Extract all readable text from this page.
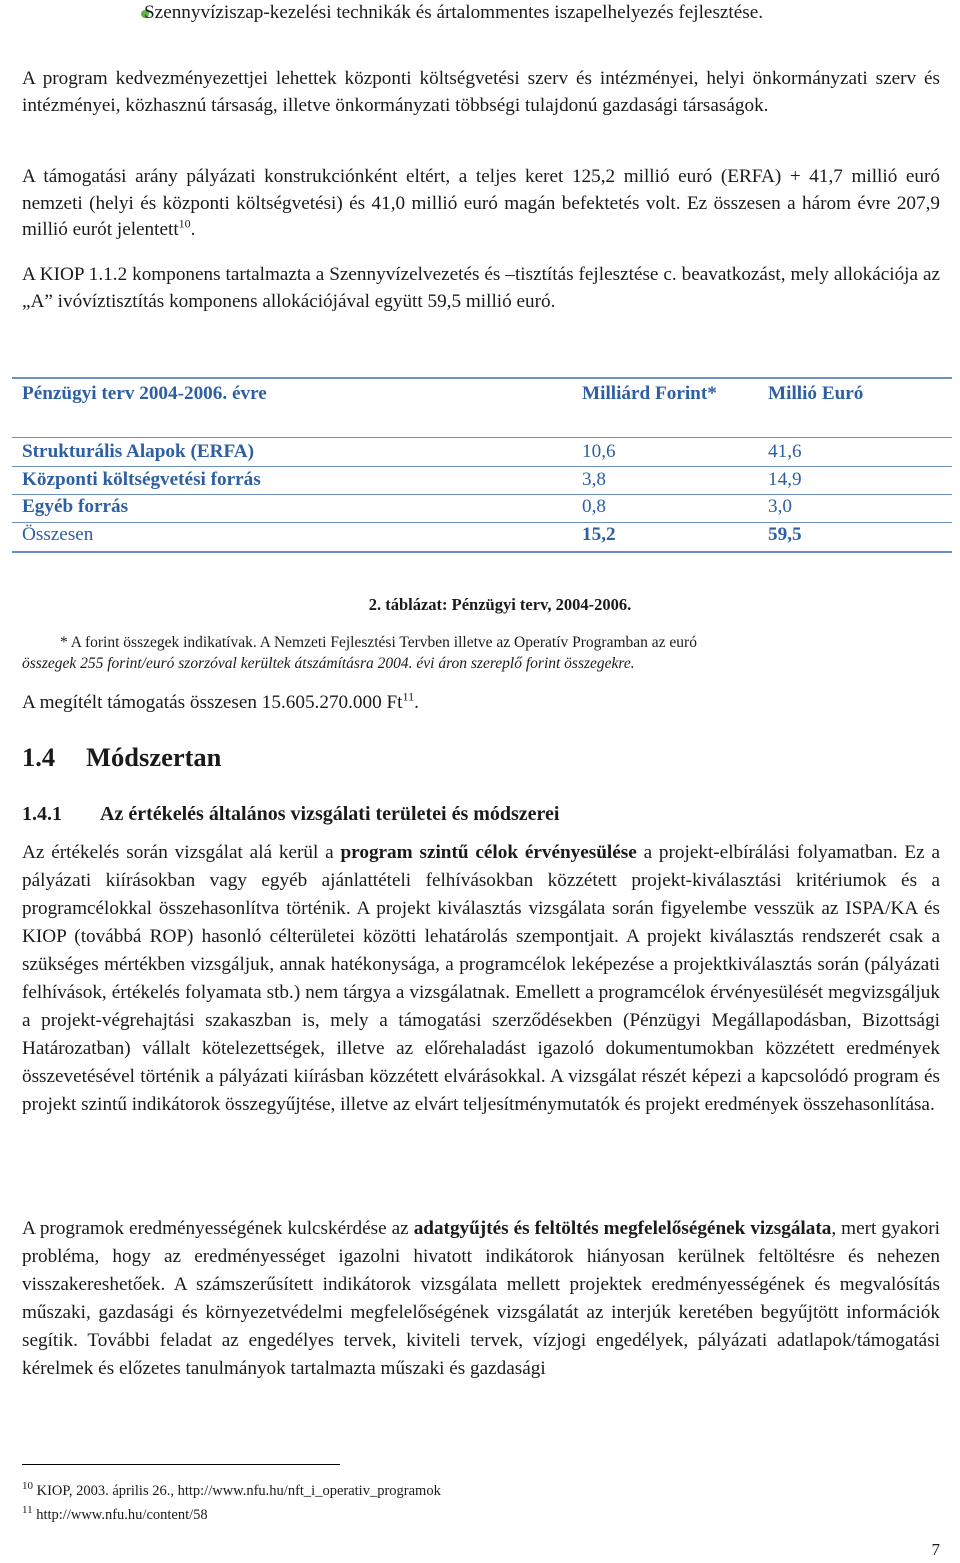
Szennyvíziszap-kezelési technikák és ártalommentes iszapelhelyezés fejlesztése.
A program kedvezményezettjei lehettek központi költségvetési szerv és intézményei, helyi önkormányzati szerv és intézményei, közhasznú társaság, illetve önkormányzati többségi tulajdonú gazdasági társaságok.
A támogatási arány pályázati konstrukciónként eltért, a teljes keret 125,2 millió euró (ERFA) + 41,7 millió euró nemzeti (helyi és központi költségvetési) és 41,0 millió euró magán befektetés volt. Ez összesen a három évre 207,9 millió eurót jelentett$^{10}$.
A KIOP 1.1.2 komponens tartalmazta a Szennyvízelvezetés és –tisztítás fejlesztése c. beavatkozást, mely allokációja az „A” ivóvíztisztítás komponens allokációjával együtt 59,5 millió euró.
Pénzügyi terv 2004-2006. évre	Milliárd Forint*	Millió Euró
Strukturális Alapok (ERFA)	10,6	41,6
Központi költségvetési forrás	3,8	14,9
Egyéb forrás	0,8	3,0
Összesen	15,2	59,5
2. táblázat: Pénzügyi terv, 2004-2006.
* A forint összegek indikatívak. A Nemzeti Fejlesztési Tervben illetve az Operatív Programban az euró
összegek 255 forint/euró szorzóval kerültek átszámításra 2004. évi áron szereplő forint összegekre.
A megítélt támogatás összesen 15.605.270.000 Ft$^{11}$.
1.4 Módszertan
1.4.1 Az értékelés általános vizsgálati területei és módszerei
Az értékelés során vizsgálat alá kerül a program szintű célok érvényesülése a projekt-elbírálási folyamatban. Ez a pályázati kiírásokban vagy egyéb ajánlattételi felhívásokban közzétett projekt-kiválasztási kritériumok és a programcélokkal összehasonlítva történik. A projekt kiválasztás vizsgálata során figyelembe vesszük az ISPA/KA és KIOP (továbbá ROP) hasonló célterületei közötti lehatárolás szempontjait. A projekt kiválasztás rendszerét csak a szükséges mértékben vizsgáljuk, annak hatékonysága, a programcélok leképezése a projektkiválasztás során (pályázati felhívások, értékelés folyamata stb.) nem tárgya a vizsgálatnak. Emellett a programcélok érvényesülését megvizsgáljuk a projekt-végrehajtási szakaszban is, mely a támogatási szerződésekben (Pénzügyi Megállapodásban, Bizottsági Határozatban) vállalt kötelezettségek, illetve az előrehaladást igazoló dokumentumokban közzétett eredmények összevetésével történik a pályázati kiírásban közzétett elvárásokkal. A vizsgálat részét képezi a kapcsolódó program és projekt szintű indikátorok összegyűjtése, illetve az elvárt teljesítménymutatók és projekt eredmények összehasonlítása.
A programok eredményességének kulcskérdése az adatgyűjtés és feltöltés megfelelőségének vizsgálata, mert gyakori probléma, hogy az eredményességet igazolni hivatott indikátorok hiányosan kerülnek feltöltésre és nehezen visszakereshetőek. A számszerűsített indikátorok vizsgálata mellett projektek eredményességének és megvalósítás műszaki, gazdasági és környezetvédelmi megfelelőségének vizsgálatát az interjúk keretében begyűjtött információk segítik. További feladat az engedélyes tervek, kiviteli tervek, vízjogi engedélyek, pályázati adatlapok/támogatási kérelmek és előzetes tanulmányok tartalmazta műszaki és gazdasági
$^{10}$ KIOP, 2003. április 26., http://www.nfu.hu/nft_i_operativ_programok
$^{11}$ http://www.nfu.hu/content/58
7
